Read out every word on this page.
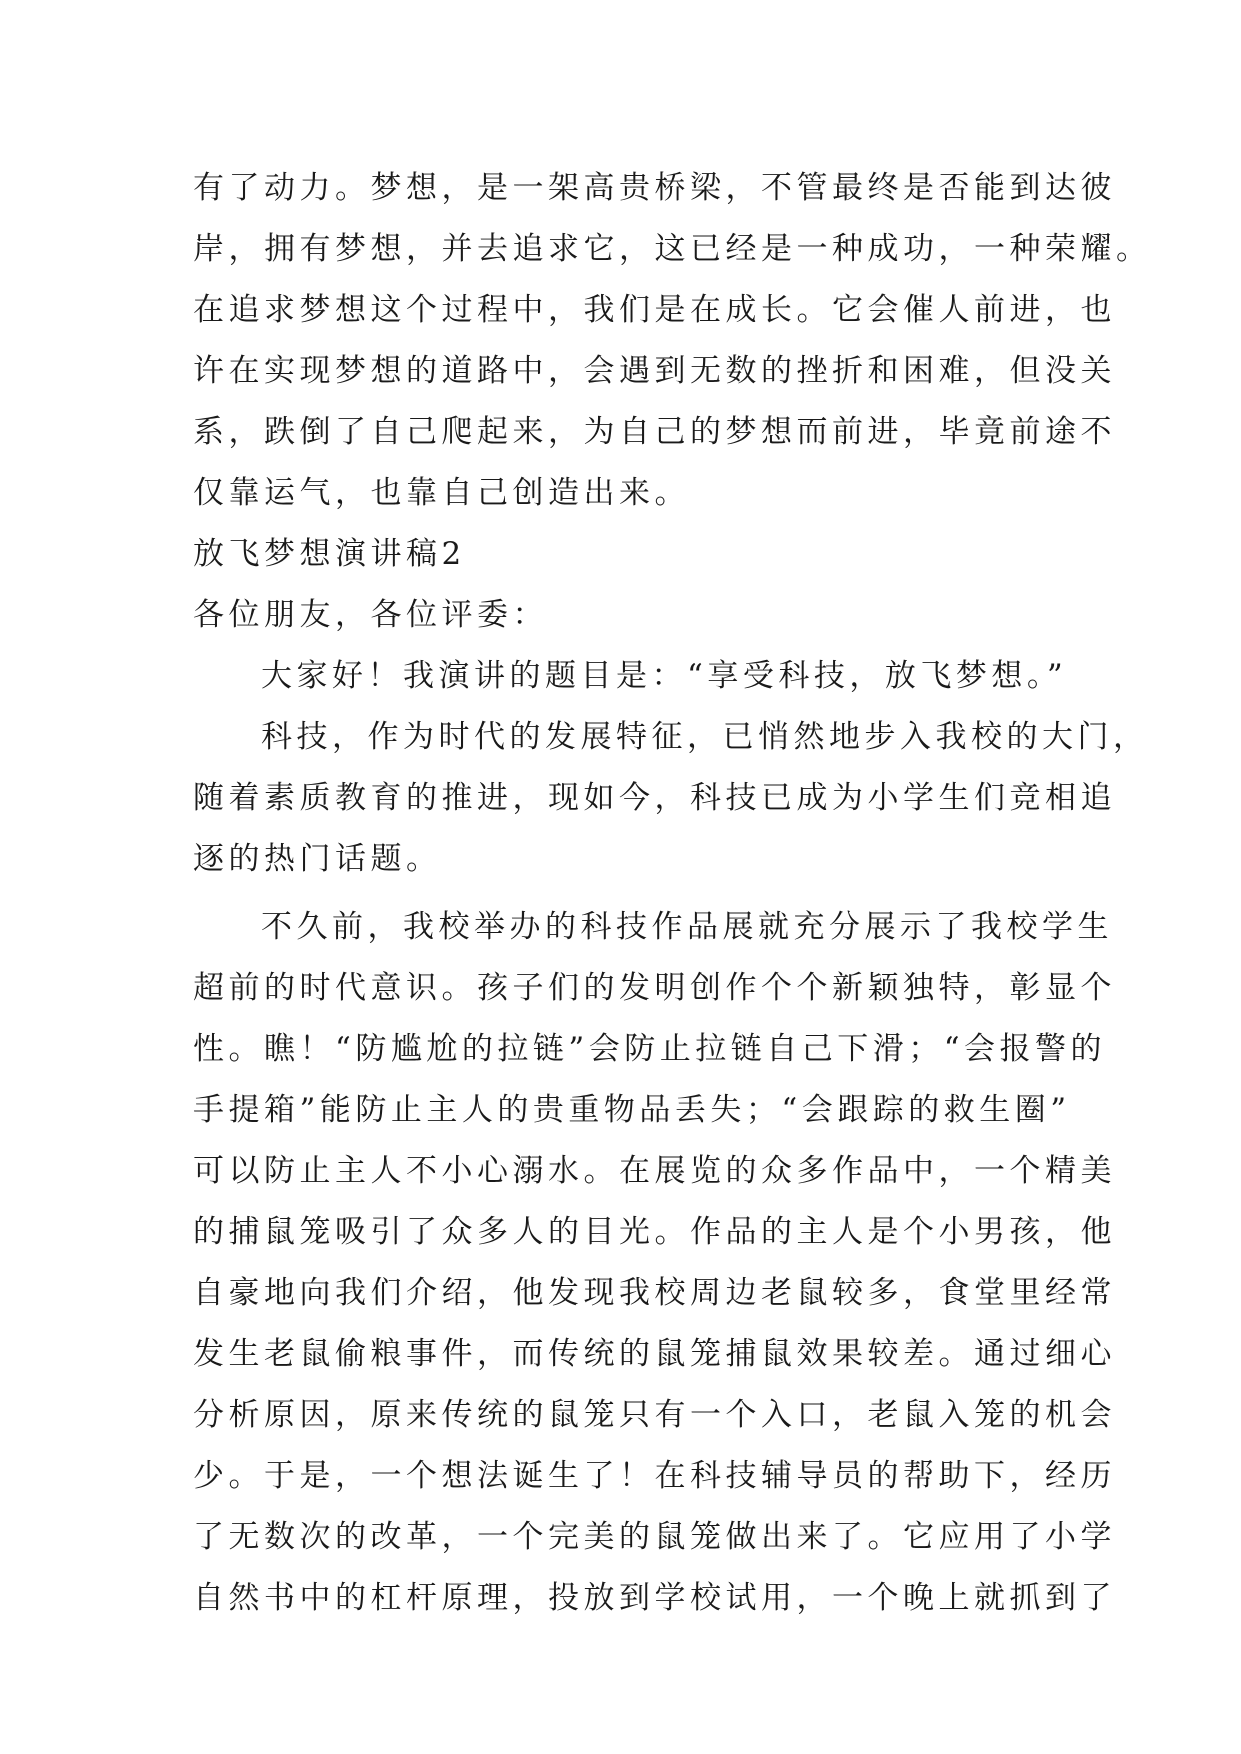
有了动力。梦想，是一架高贵桥梁，不管最终是否能到达彼
岸，拥有梦想，并去追求它，这已经是一种成功，一种荣耀。
在追求梦想这个过程中，我们是在成长。它会催人前进，也
许在实现梦想的道路中，会遇到无数的挫折和困难，但没关
系，跌倒了自己爬起来，为自己的梦想而前进，毕竟前途不
仅靠运气，也靠自己创造出来。
放飞梦想演讲稿2
各位朋友，各位评委：
大家好！我演讲的题目是：“享受科技，放飞梦想。”
科技，作为时代的发展特征，已悄然地步入我校的大门，
随着素质教育的推进，现如今，科技已成为小学生们竞相追
逐的热门话题。
不久前，我校举办的科技作品展就充分展示了我校学生
超前的时代意识。孩子们的发明创作个个新颖独特，彰显个
性。瞧！“防尴尬的拉链”会防止拉链自己下滑；“会报警的
手提箱”能防止主人的贵重物品丢失；“会跟踪的救生圈”
可以防止主人不小心溺水。在展览的众多作品中，一个精美
的捕鼠笼吸引了众多人的目光。作品的主人是个小男孩，他
自豪地向我们介绍，他发现我校周边老鼠较多，食堂里经常
发生老鼠偷粮事件，而传统的鼠笼捕鼠效果较差。通过细心
分析原因，原来传统的鼠笼只有一个入口，老鼠入笼的机会
少。于是，一个想法诞生了！在科技辅导员的帮助下，经历
了无数次的改革，一个完美的鼠笼做出来了。它应用了小学
自然书中的杠杆原理，投放到学校试用，一个晚上就抓到了
